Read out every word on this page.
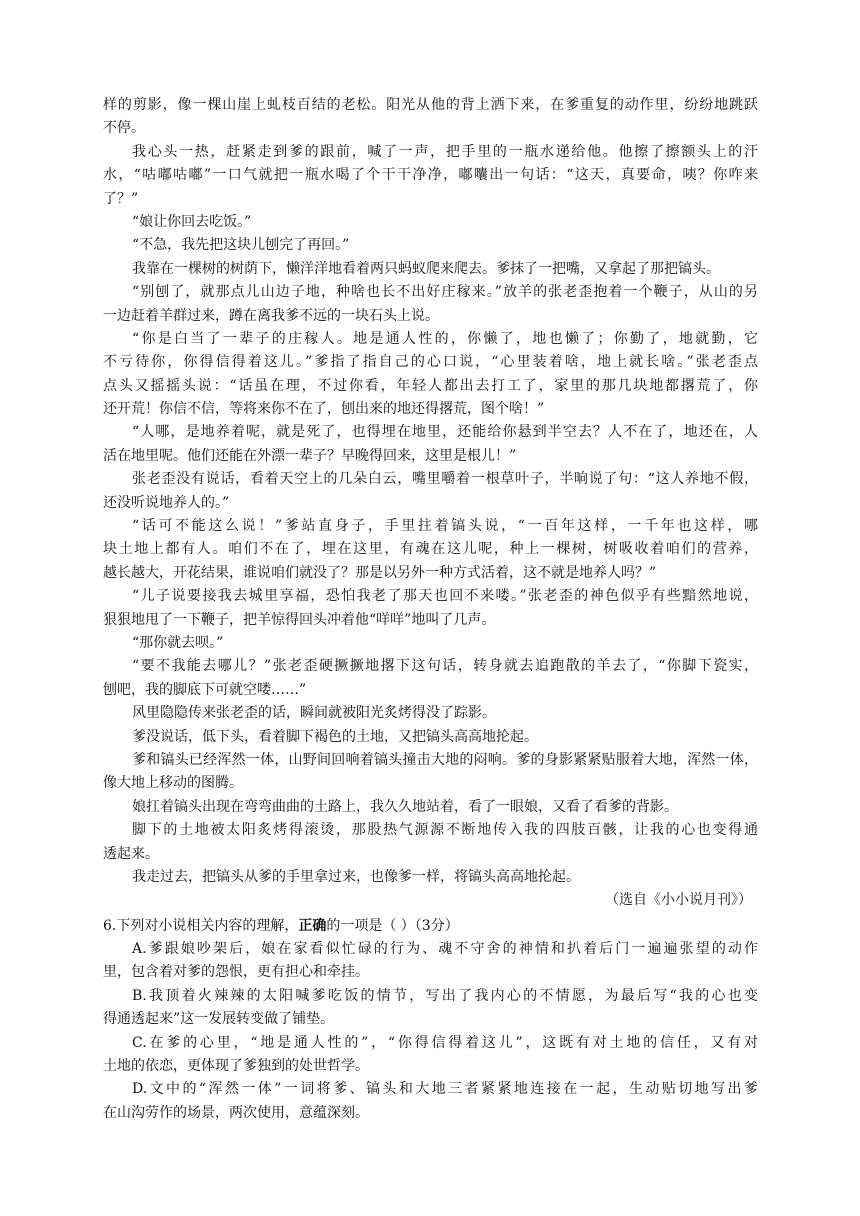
样的剪影，像一棵山崖上虬枝百结的老松。阳光从他的背上洒下来，在爹重复的动作里，纷纷地跳跃
不停。
我心头一热，赶紧走到爹的跟前，喊了一声，把手里的一瓶水递给他。他擦了擦额头上的汗
水，“咕嘟咕嘟”一口气就把一瓶水喝了个干干净净，嘟囔出一句话：“这天，真要命，咦？你咋来
了？”
“娘让你回去吃饭。”
“不急，我先把这块儿刨完了再回。”
我靠在一棵树的树荫下，懒洋洋地看着两只蚂蚁爬来爬去。爹抹了一把嘴，又拿起了那把镐头。
“别刨了，就那点儿山边子地，种啥也长不出好庄稼来。”放羊的张老歪抱着一个鞭子，从山的另
一边赶着羊群过来，蹲在离我爹不远的一块石头上说。
“你是白当了一辈子的庄稼人。地是通人性的，你懒了，地也懒了；你勤了，地就勤，它
不亏待你，你得信得着这儿。”爹指了指自己的心口说，“心里装着啥，地上就长啥。”张老歪点
点头又摇摇头说：“话虽在理，不过你看，年轻人都出去打工了，家里的那几块地都撂荒了，你
还开荒！你信不信，等将来你不在了，刨出来的地还得撂荒，图个啥！”
“人哪，是地养着呢，就是死了，也得埋在地里，还能给你悬到半空去？人不在了，地还在，人
活在地里呢。他们还能在外漂一辈子？早晚得回来，这里是根儿！”
张老歪没有说话，看着天空上的几朵白云，嘴里嚼着一根草叶子，半晌说了句：“这人养地不假，
还没听说地养人的。”
“话可不能这么说！”爹站直身子，手里拄着镐头说，“一百年这样，一千年也这样，哪
块土地上都有人。咱们不在了，埋在这里，有魂在这儿呢，种上一棵树，树吸收着咱们的营养，
越长越大，开花结果，谁说咱们就没了？那是以另外一种方式活着，这不就是地养人吗？”
“儿子说要接我去城里享福，恐怕我老了那天也回不来喽。”张老歪的神色似乎有些黯然地说，
狠狠地甩了一下鞭子，把羊惊得回头冲着他“咩咩”地叫了几声。
“那你就去呗。”
“要不我能去哪儿？”张老歪硬撅撅地撂下这句话，转身就去追跑散的羊去了，“你脚下瓷实，
刨吧，我的脚底下可就空喽……”
风里隐隐传来张老歪的话，瞬间就被阳光炙烤得没了踪影。
爹没说话，低下头，看着脚下褐色的土地，又把镐头高高地抡起。
爹和镐头已经浑然一体，山野间回响着镐头撞击大地的闷响。爹的身影紧紧贴服着大地，浑然一体，
像大地上移动的图腾。
娘扛着镐头出现在弯弯曲曲的土路上，我久久地站着，看了一眼娘，又看了看爹的背影。
脚下的土地被太阳炙烤得滚烫，那股热气源源不断地传入我的四肢百骸，让我的心也变得通
透起来。
我走过去，把镐头从爹的手里拿过来，也像爹一样，将镐头高高地抡起。
（选自《小小说月刊》）
6.下列对小说相关内容的理解，正确的一项是（ ）（3分）
A.爹跟娘吵架后，娘在家看似忙碌的行为、魂不守舍的神情和扒着后门一遍遍张望的动作
里，包含着对爹的怨恨，更有担心和牵挂。
B.我顶着火辣辣的太阳喊爹吃饭的情节，写出了我内心的不情愿，为最后写“我的心也变
得通透起来”这一发展转变做了铺垫。
C.在爹的心里，“地是通人性的”，“你得信得着这儿”，这既有对土地的信任，又有对
土地的依恋，更体现了爹独到的处世哲学。
D.文中的“浑然一体”一词将爹、镐头和大地三者紧紧地连接在一起，生动贴切地写出爹
在山沟劳作的场景，两次使用，意蕴深刻。
